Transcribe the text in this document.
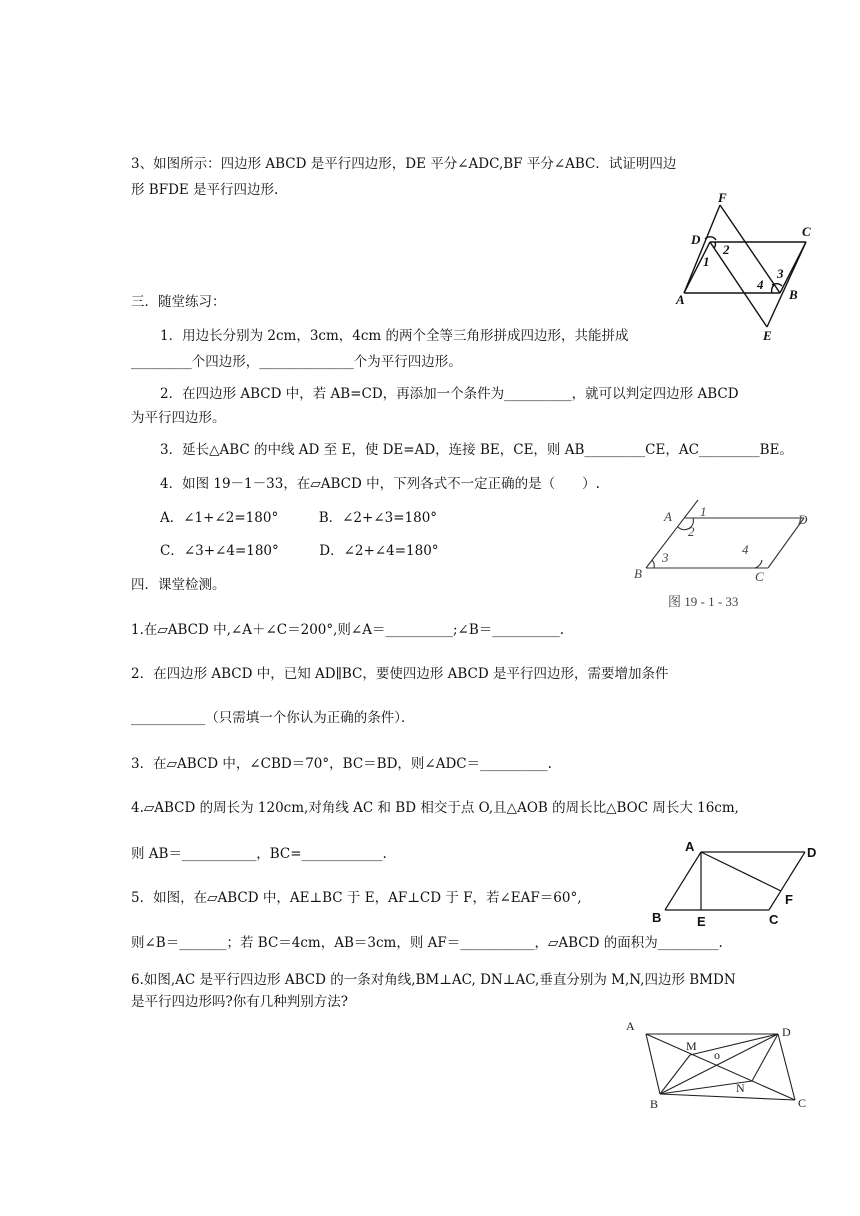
3、如图所示：四边形 ABCD 是平行四边形，DE 平分∠ADC,BF 平分∠ABC．试证明四边
形 BFDE 是平行四边形.	F
C
D
2
1
3
4
A	B
E
三．随堂练习：
1．用边长分别为 2cm，3cm，4cm 的两个全等三角形拼成四边形，共能拼成
_________个四边形，______________个为平行四边形。
2．在四边形 ABCD 中，若 AB=CD，再添加一个条件为__________，就可以判定四边形 ABCD
为平行四边形。
3．延长△ABC 的中线 AD 至 E，使 DE=AD，连接 BE，CE，则 AB_________CE，AC_________BE。
4．如图 19－1－33，在▱ABCD 中，下列各式不一定正确的是（　　）.
A．∠1+∠2=180°　　　B．∠2+∠3=180°
C．∠3+∠4=180°　　　D．∠2+∠4=180°
A 1
D
2
3
4
B	C
图 19 - 1 - 33
四．课堂检测。
1.在▱ABCD 中,∠A＋∠C＝200°,则∠A＝__________;∠B＝__________.
2．在四边形 ABCD 中，已知 AD∥BC，要使四边形 ABCD 是平行四边形，需要增加条件
___________（只需填一个你认为正确的条件）．
3．在▱ABCD 中，∠CBD＝70°，BC＝BD，则∠ADC＝__________.
4.▱ABCD 的周长为 120cm,对角线 AC 和 BD 相交于点 O,且△AOB 的周长比△BOC 周长大 16cm,
则 AB＝___________，BC=____________.
5．如图，在▱ABCD 中，AE⊥BC 于 E，AF⊥CD 于 F，若∠EAF＝60°,
则∠B＝_______；若 BC＝4cm，AB＝3cm，则 AF＝___________，▱ABCD 的面积为_________.
6.如图,AC 是平行四边形 ABCD 的一条对角线,BM⊥AC, DN⊥AC,垂直分别为 M,N,四边形 BMDN
是平行四边形吗?你有几种判别方法?
A	D
F
B	E	C
A	D
M
o
N
B	C
